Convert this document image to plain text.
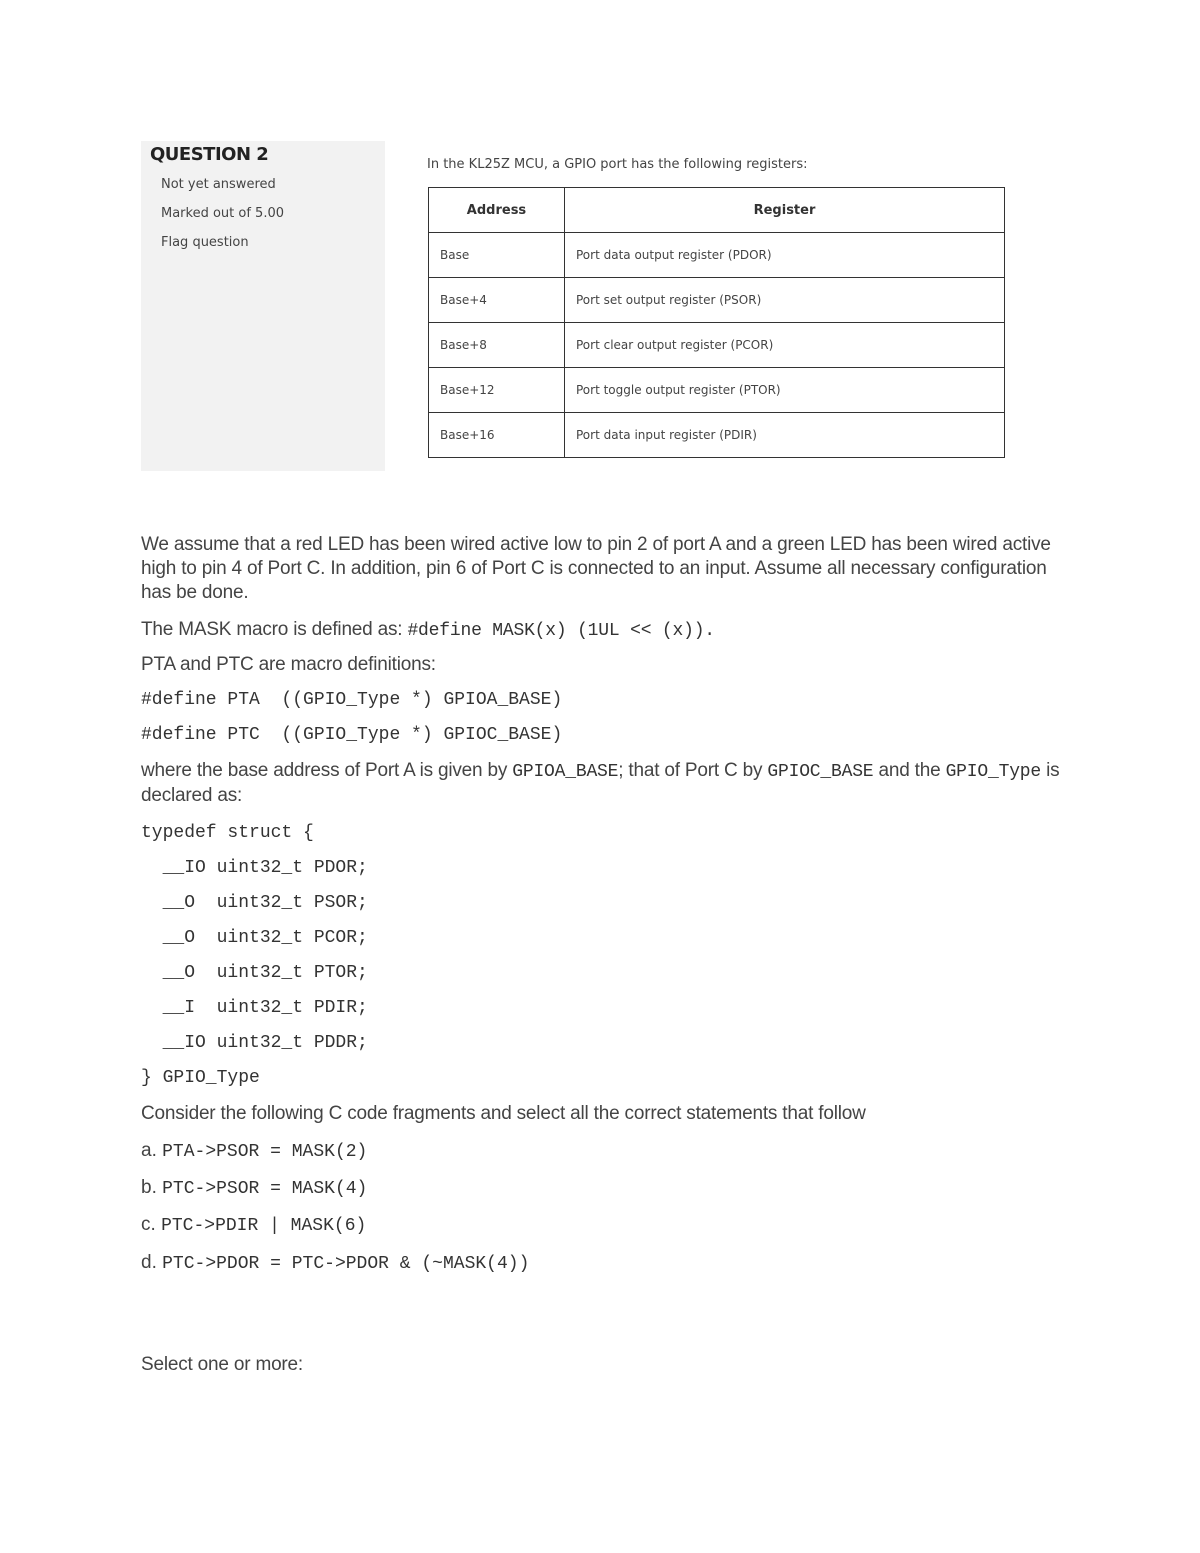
QUESTION 2
Not yet answered
Marked out of 5.00
Flag question
In the KL25Z MCU, a GPIO port has the following registers:
Address	Register
Base	Port data output register (PDOR)
Base+4	Port set output register (PSOR)
Base+8	Port clear output register (PCOR)
Base+12	Port toggle output register (PTOR)
Base+16	Port data input register (PDIR)
We assume that a red LED has been wired active low to pin 2 of port A and a green LED has been wired active high to pin 4 of Port C. In addition, pin 6 of Port C is connected to an input. Assume all necessary configuration has be done.
The MASK macro is defined as: #define MASK(x) (1UL << (x)).
PTA and PTC are macro definitions:
#define PTA  ((GPIO_Type *) GPIOA_BASE)
#define PTC  ((GPIO_Type *) GPIOC_BASE)
where the base address of Port A is given by GPIOA_BASE; that of Port C by GPIOC_BASE and the GPIO_Type is declared as:
typedef struct {
__IO uint32_t PDOR;
__O  uint32_t PSOR;
__O  uint32_t PCOR;
__O  uint32_t PTOR;
__I  uint32_t PDIR;
__IO uint32_t PDDR;
} GPIO_Type
Consider the following C code fragments and select all the correct statements that follow
a. PTA->PSOR = MASK(2)
b. PTC->PSOR = MASK(4)
c. PTC->PDIR | MASK(6)
d. PTC->PDOR = PTC->PDOR & (~MASK(4))
Select one or more:
